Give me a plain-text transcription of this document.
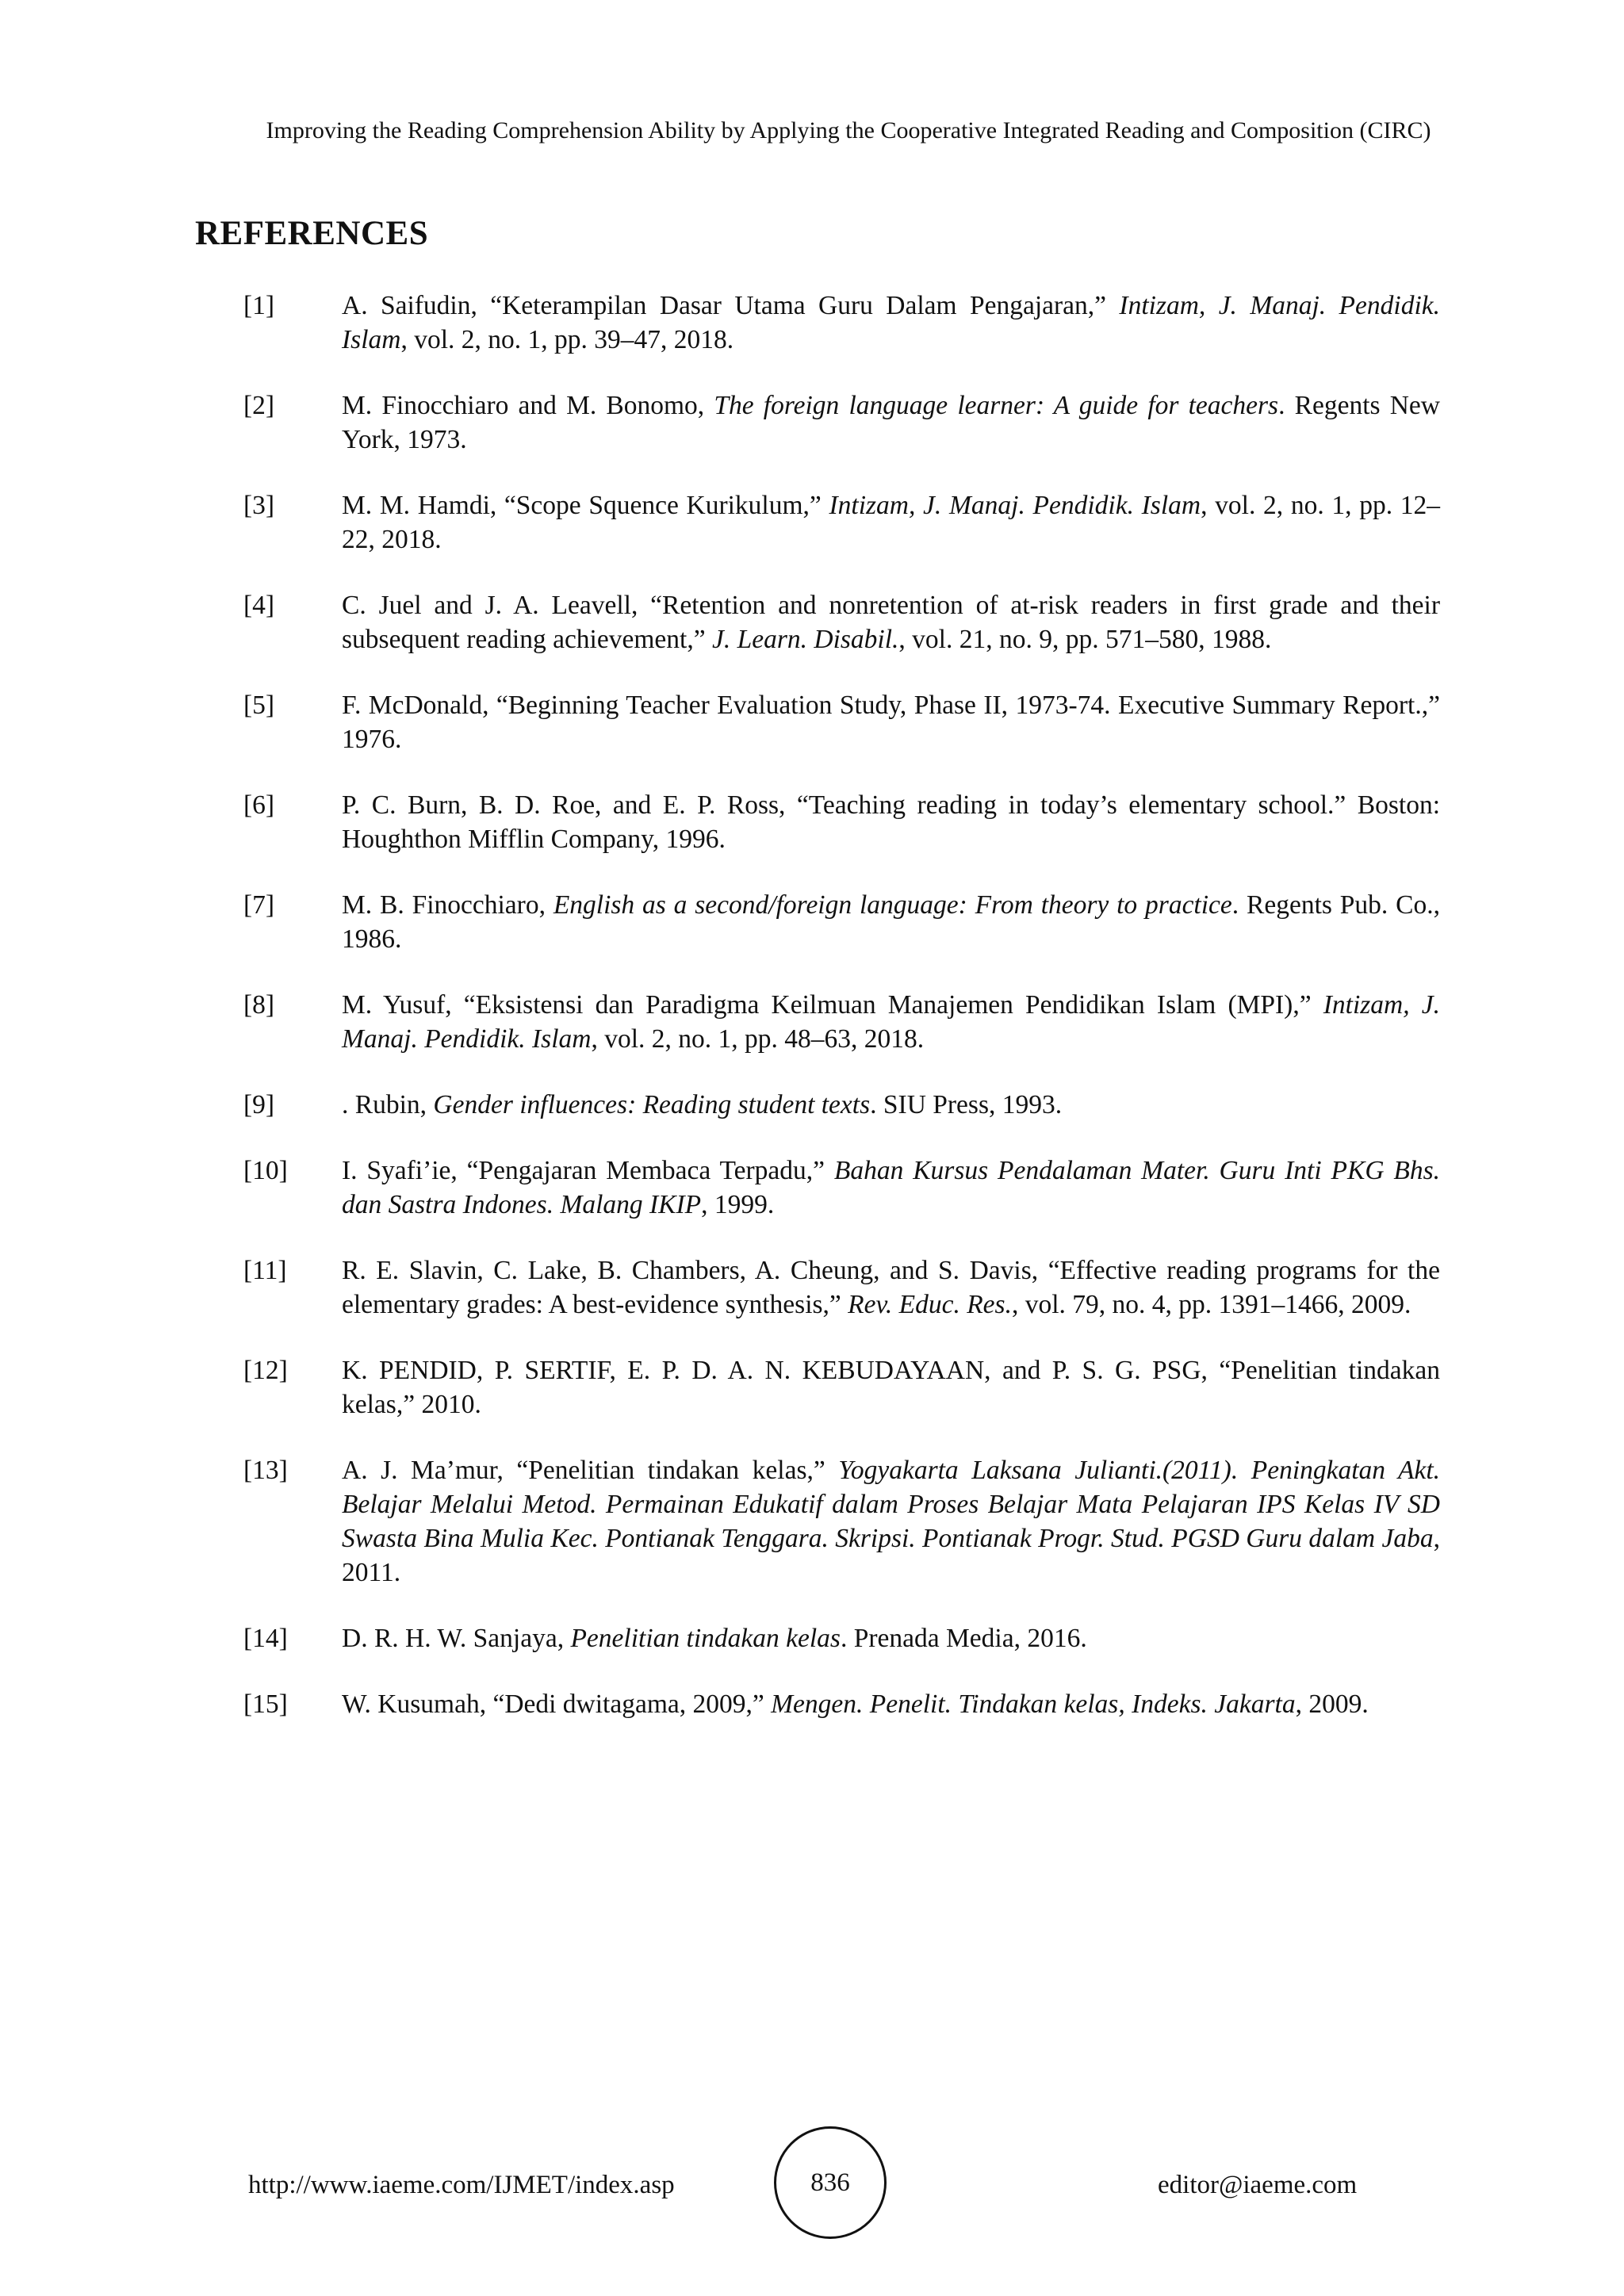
Improving the Reading Comprehension Ability by Applying the Cooperative Integrated Reading and Composition (CIRC)
REFERENCES
[1]	A. Saifudin, “Keterampilan Dasar Utama Guru Dalam Pengajaran,” Intizam, J. Manaj. Pendidik. Islam, vol. 2, no. 1, pp. 39–47, 2018.
[2]	M. Finocchiaro and M. Bonomo, The foreign language learner: A guide for teachers. Regents New York, 1973.
[3]	M. M. Hamdi, “Scope Squence Kurikulum,” Intizam, J. Manaj. Pendidik. Islam, vol. 2, no. 1, pp. 12–22, 2018.
[4]	C. Juel and J. A. Leavell, “Retention and nonretention of at-risk readers in first grade and their subsequent reading achievement,” J. Learn. Disabil., vol. 21, no. 9, pp. 571–580, 1988.
[5]	F. McDonald, “Beginning Teacher Evaluation Study, Phase II, 1973-74. Executive Summary Report.,” 1976.
[6]	P. C. Burn, B. D. Roe, and E. P. Ross, “Teaching reading in today’s elementary school.” Boston: Houghthon Mifflin Company, 1996.
[7]	M. B. Finocchiaro, English as a second/foreign language: From theory to practice. Regents Pub. Co., 1986.
[8]	M. Yusuf, “Eksistensi dan Paradigma Keilmuan Manajemen Pendidikan Islam (MPI),” Intizam, J. Manaj. Pendidik. Islam, vol. 2, no. 1, pp. 48–63, 2018.
[9]	. Rubin, Gender influences: Reading student texts. SIU Press, 1993.
[10] I. Syafi’ie, “Pengajaran Membaca Terpadu,” Bahan Kursus Pendalaman Mater. Guru Inti PKG Bhs. dan Sastra Indones. Malang IKIP, 1999.
[11] R. E. Slavin, C. Lake, B. Chambers, A. Cheung, and S. Davis, “Effective reading programs for the elementary grades: A best-evidence synthesis,” Rev. Educ. Res., vol. 79, no. 4, pp. 1391–1466, 2009.
[12] K. PENDID, P. SERTIF, E. P. D. A. N. KEBUDAYAAN, and P. S. G. PSG, “Penelitian tindakan kelas,” 2010.
[13] A. J. Ma’mur, “Penelitian tindakan kelas,” Yogyakarta Laksana Julianti.(2011). Peningkatan Akt. Belajar Melalui Metod. Permainan Edukatif dalam Proses Belajar Mata Pelajaran IPS Kelas IV SD Swasta Bina Mulia Kec. Pontianak Tenggara. Skripsi. Pontianak Progr. Stud. PGSD Guru dalam Jaba, 2011.
[14] D. R. H. W. Sanjaya, Penelitian tindakan kelas. Prenada Media, 2016.
[15] W. Kusumah, “Dedi dwitagama, 2009,” Mengen. Penelit. Tindakan kelas, Indeks. Jakarta, 2009.
http://www.iaeme.com/IJMET/index.asp	836	editor@iaeme.com
